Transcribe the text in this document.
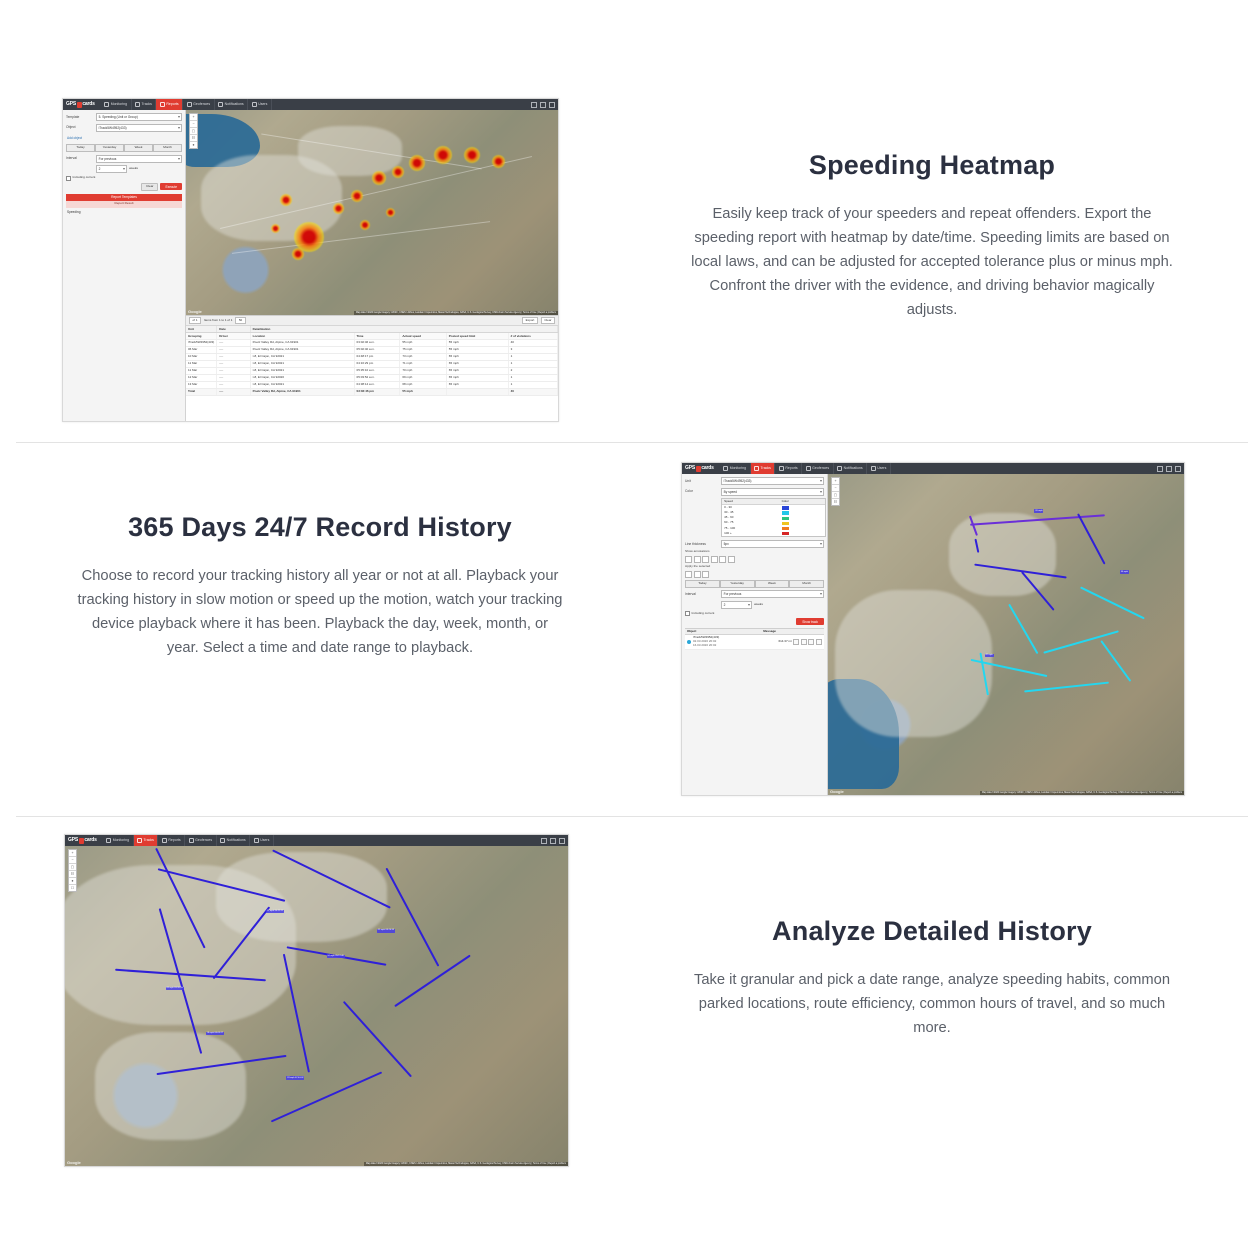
GPS cards	Monitoring	Tracks	Reports	Geofences	Notifications	Users
Template	5. Speeding (Unit or Group)
Object	iTrack5W4952(433)
Add object
Today	Yesterday	Week	Month
Interval	For previous
2	weeks
Including current
Clear	Execute
Report Templates
Report Result
Speeding
+
−
▢
☷
●
Google	Map data ©2020 Google Imagery ©2020 , CNES / Airbus, Landsat / Copernicus, Maxar Technologies, NASA, U.S. Geological Survey, USDA Farm Service Agency | Terms of Use | Report a problem
of 1	Items from 1 to 1 of 1	50	Export	Clear
Unit	Date	Detailization				
Grouping	Driver	Location	Time	Actual speed	Posted speed limit	# of violations
iTrack5W4952(433)	----	Poetz Valley Rd, Alpine, CA 91901	03:02:46 a.m.	55 mph	55 mph	40
06 Mar	----	Poetz Valley Rd, Alpine, CA 91901	05:02:40 a.m.	75 mph	55 mph	3
10 Mar	----	I-8, El Cajon, CA 92021	04:48:17 pm	73 mph	65 mph	1
11 Mar	----	I-8, El Cajon, CA 92021	04:16:29 pm	71 mph	65 mph	1
11 Mar	----	I-8, El Cajon, CA 92021	05:35:10 a.m.	70 mph	65 mph	2
12 Mar	----	I-8, El Cajon, CA 92020	05:03:52 a.m.	69 mph	65 mph	1
13 Mar	----	I-8, El Cajon, CA 92021	04:38:14 a.m.	68 mph	65 mph	1
Total	----	Poetz Valley Rd, Alpine, CA 91901	03:02:46 pm	55 mph		40
Speeding Heatmap

Easily keep track of your speeders and repeat offenders. Export the speeding report with heatmap by date/time. Speeding limits are based on local laws, and can be adjusted for accepted tolerance plus or minus mph. Confront the driver with the evidence, and driving behavior magically adjusts.

365 Days 24/7 Record History

Choose to record your tracking history all year or not at all. Playback your tracking history in slow motion or speed up the motion, watch your tracking device playback where it has been. Playback the day, week, month, or year. Select a time and date range to playback.

GPS cards	Monitoring	Tracks	Reports	Geofences	Notifications	Users
Unit	iTrack5W4952(433)
Color	By speed
Speed	Color
0 - 30
30 - 45
45 - 60
60 - 75
75 - 100
100 +
Line thickness	5px
Show annotations
Apply the selected
Today	Yesterday	Week	Month
Interval	For previous
2	weeks
Including current
Show track
Object	Message
iTrack5W4952(433)
02.03.2020 20:02
16.03.2020 20:02
614.37 mi
+
−
▢
☷
20 mph
35 mph
42 mph
Google	Map data ©2020 Google Imagery ©2020 , CNES / Airbus, Landsat / Copernicus, Maxar Technologies, NASA, U.S. Geological Survey, USDA Farm Service Agency | Terms of Use | Report a problem
GPS cards	Monitoring	Tracks	Reports	Geofences	Notifications	Users
+
−
▢
☷
●
☐
11 mph 04:22:11
24 mph 05:12:40
18 mph 06:03:27
33 mph 07:44:02
09 mph 03:18:55
41 mph 08:26:33
Google	Map data ©2020 Google Imagery ©2020 , CNES / Airbus, Landsat / Copernicus, Maxar Technologies, NASA, U.S. Geological Survey, USDA Farm Service Agency | Terms of Use | Report a problem
Analyze Detailed History

Take it granular and pick a date range, analyze speeding habits, common parked locations, route efficiency, common hours of travel, and so much more.
